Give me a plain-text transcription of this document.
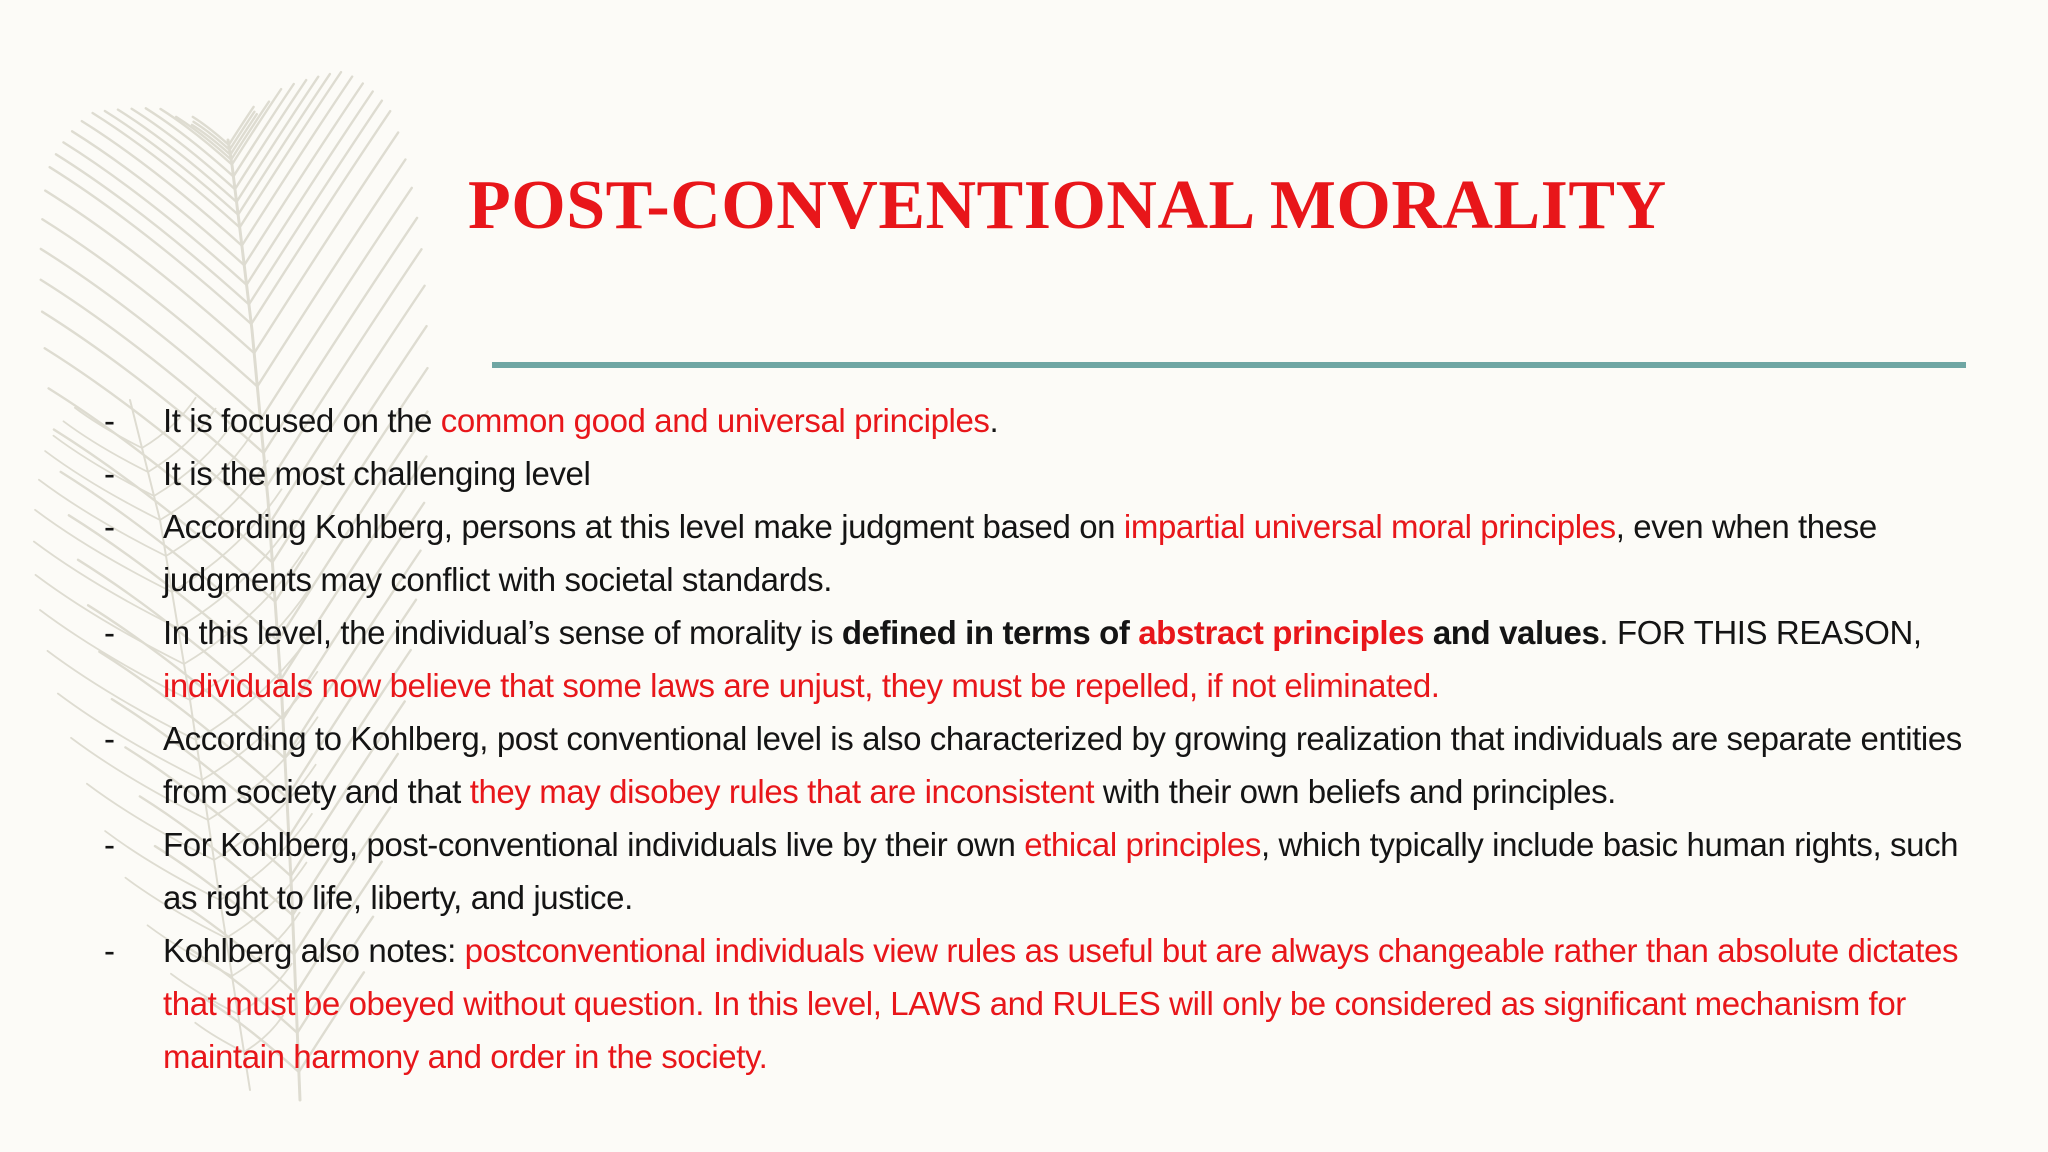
POST-CONVENTIONAL MORALITY
- It is focused on the common good and universal principles.
- It is the most challenging level
- According Kohlberg, persons at this level make judgment based on impartial universal moral principles, even when these judgments may conflict with societal standards.
- In this level, the individual’s sense of morality is defined in terms of abstract principles and values. FOR THIS REASON, individuals now believe that some laws are unjust, they must be repelled, if not eliminated.
- According to Kohlberg, post conventional level is also characterized by growing realization that individuals are separate entities from society and that they may disobey rules that are inconsistent with their own beliefs and principles.
- For Kohlberg, post-conventional individuals live by their own ethical principles, which typically include basic human rights, such as right to life, liberty, and justice.
- Kohlberg also notes: postconventional individuals view rules as useful but are always changeable rather than absolute dictates that must be obeyed without question. In this level, LAWS and RULES will only be considered as significant mechanism for maintain harmony and order in the society.
